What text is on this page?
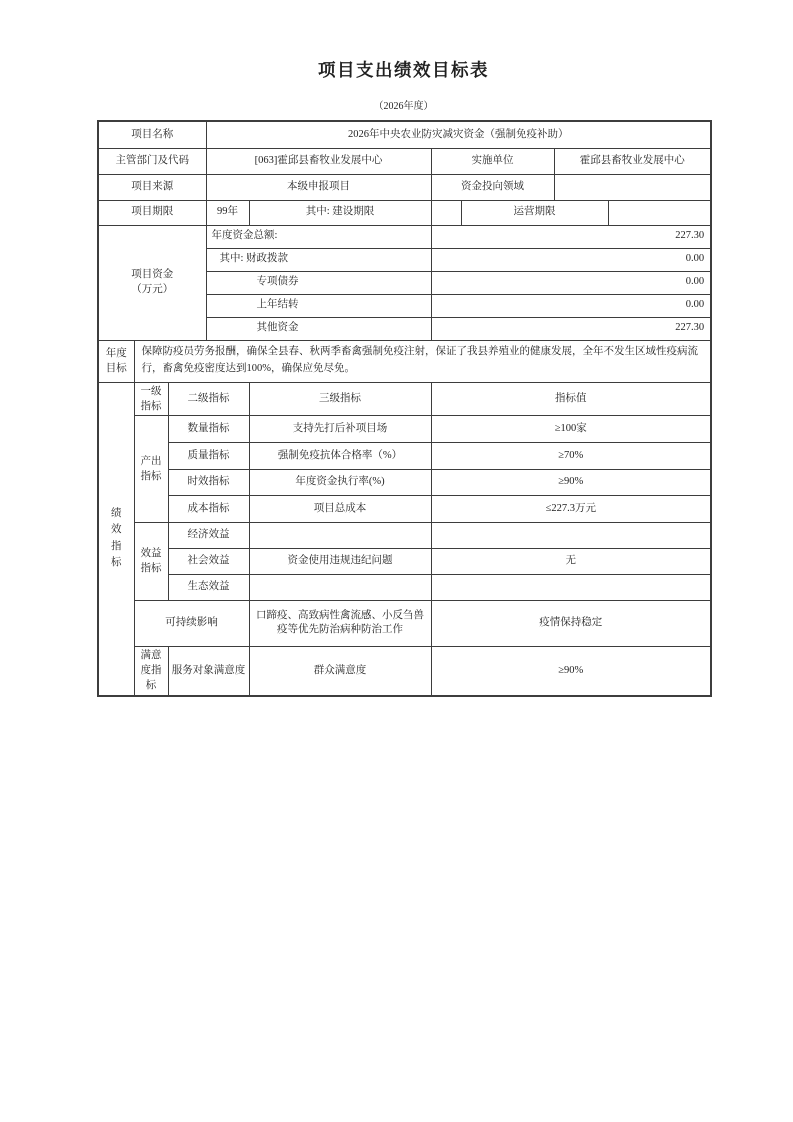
项目支出绩效目标表
（2026年度）
项目名称			2026年中央农业防灾减灾资金（强制免疫补助）					
主管部门及代码			[063]霍邱县畜牧业发展中心		实施单位		霍邱县畜牧业发展中心	
项目来源			本级申报项目		资金投向领域			
项目期限			99年	其中: 建设期限		运营期限		

项目资金
（万元）			年度资金总额:		227.30			
			其中: 财政拨款		0.00			
			专项债券		0.00			
			上年结转		0.00			
			其他资金		227.30			

年度目标	保障防疫员劳务报酬，确保全县春、秋两季畜禽强制免疫注射，保证了我县养殖业的健康发展，全年不发生区域性疫病流行，畜禽免疫密度达到100%，确保应免尽免。							

绩效指标	一级指标	二级指标		三级指标	指标值			

	产出指标	数量指标		支持先打后补项目场	≥100家			
		质量指标		强制免疫抗体合格率（%）	≥70%			
		时效指标		年度资金执行率(%)	≥90%			
		成本指标		项目总成本	≤227.3万元			

	效益指标	经济效益						
		社会效益		资金使用违规违纪问题	无			
		生态效益						
	可持续影响			口蹄疫、高致病性禽流感、小反刍兽疫等优先防治病种防治工作	疫情保持稳定			

	满意度指标	服务对象满意度		群众满意度	≥90%			
